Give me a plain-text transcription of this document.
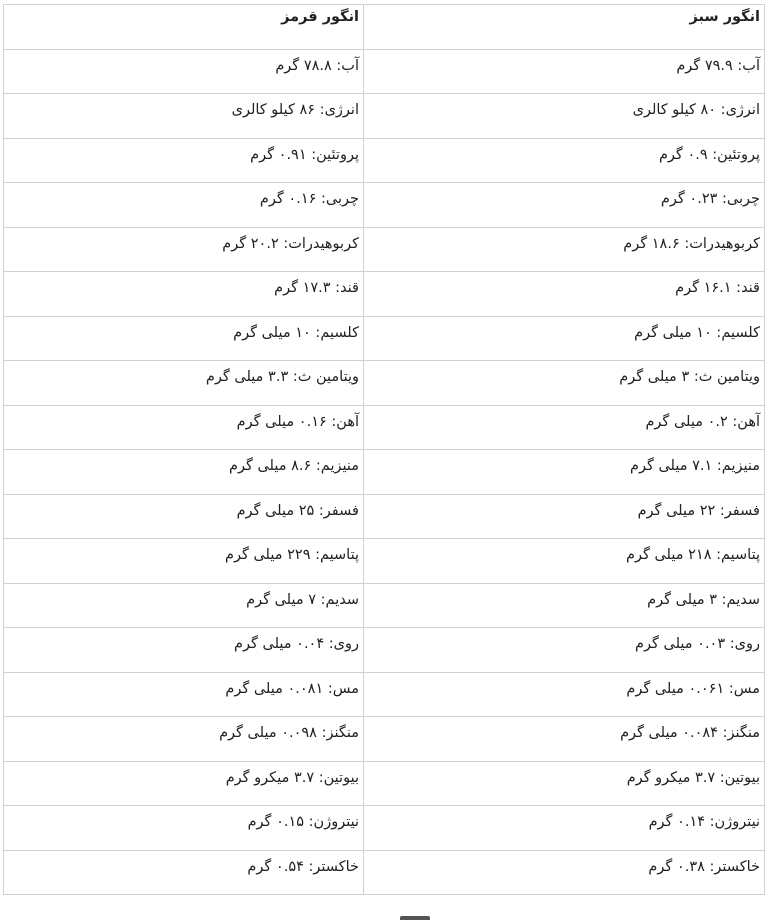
انگور سبز	انگور قرمز
آب: ۷۹.۹ گرم	آب: ۷۸.۸ گرم
انرژی: ۸۰ کیلو کالری	انرژی: ۸۶ کیلو کالری
پروتئین: ۰.۹ گرم	پروتئین: ۰.۹۱ گرم
چربی: ۰.۲۳ گرم	چربی: ۰.۱۶ گرم
کربوهیدرات: ۱۸.۶ گرم	کربوهیدرات: ۲۰.۲ گرم
قند: ۱۶.۱ گرم	قند: ۱۷.۳ گرم
کلسیم: ۱۰ میلی گرم	کلسیم: ۱۰ میلی گرم
ویتامین ث: ۳ میلی گرم	ویتامین ث: ۳.۳ میلی گرم
آهن: ۰.۲ میلی گرم	آهن: ۰.۱۶ میلی گرم
منیزیم: ۷.۱ میلی گرم	منیزیم: ۸.۶ میلی گرم
فسفر: ۲۲ میلی گرم	فسفر: ۲۵ میلی گرم
پتاسیم: ۲۱۸ میلی گرم	پتاسیم: ۲۲۹ میلی گرم
سدیم: ۳ میلی گرم	سدیم: ۷ میلی گرم
روی: ۰.۰۳ میلی گرم	روی: ۰.۰۴ میلی گرم
مس: ۰.۰۶۱ میلی گرم	مس: ۰.۰۸۱ میلی گرم
منگنز: ۰.۰۸۴ میلی گرم	منگنز: ۰.۰۹۸ میلی گرم
بیوتین: ۳.۷ میکرو گرم	بیوتین: ۳.۷ میکرو گرم
نیتروژن: ۰.۱۴ گرم	نیتروژن: ۰.۱۵ گرم
خاکستر: ۰.۳۸ گرم	خاکستر: ۰.۵۴ گرم
